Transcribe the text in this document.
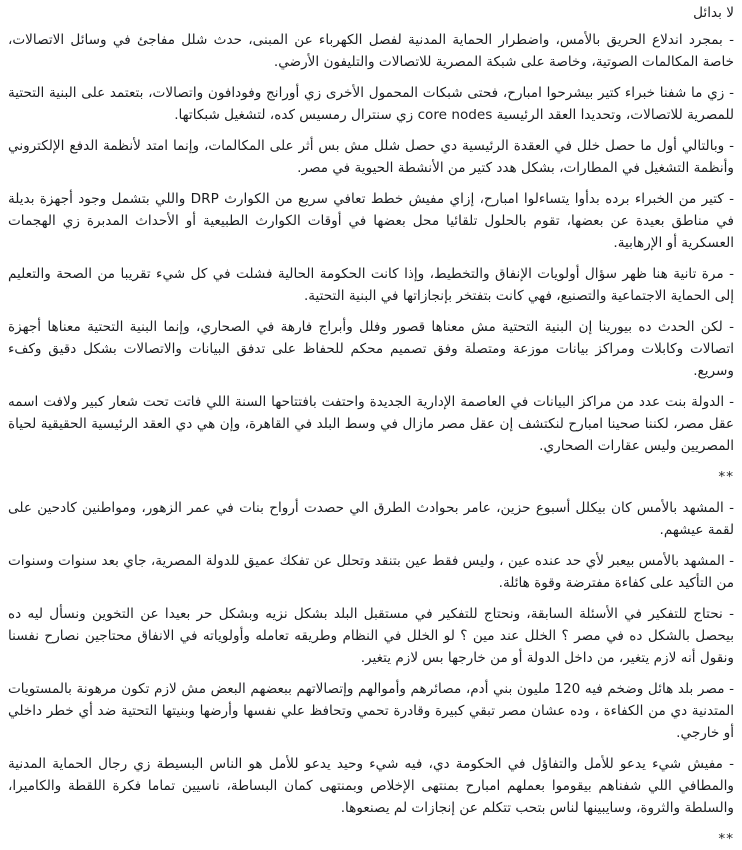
لا بدائل
- بمجرد اندلاع الحريق بالأمس، واضطرار الحماية المدنية لفصل الكهرباء عن المبنى، حدث شلل مفاجئ في وسائل الاتصالات، خاصة المكالمات الصوتية، وخاصة على شبكة المصرية للاتصالات والتليفون الأرضي.
- زي ما شفنا خبراء كتير بيشرحوا امبارح، فحتى شبكات المحمول الأخرى زي أورانج وفودافون واتصالات، بتعتمد على البنية التحتية للمصرية للاتصالات، وتحديدا العقد الرئيسية core nodes زي سنترال رمسيس كده، لتشغيل شبكاتها.
- وبالتالي أول ما حصل خلل في العقدة الرئيسية دي حصل شلل مش بس أثر على المكالمات، وإنما امتد لأنظمة الدفع الإلكتروني وأنظمة التشغيل في المطارات، بشكل هدد كتير من الأنشطة الحيوية في مصر.
- كتير من الخبراء برده بدأوا يتساءلوا امبارح، إزاي مفيش خطط تعافي سريع من الكوارث DRP واللي بتشمل وجود أجهزة بديلة في مناطق بعيدة عن بعضها، تقوم بالحلول تلقائيا محل بعضها في أوقات الكوارث الطبيعية أو الأحداث المدبرة زي الهجمات العسكرية أو الإرهابية.
- مرة تانية هنا ظهر سؤال أولويات الإنفاق والتخطيط، وإذا كانت الحكومة الحالية فشلت في كل شيء تقريبا من الصحة والتعليم إلى الحماية الاجتماعية والتصنيع، فهي كانت بتفتخر بإنجازاتها في البنية التحتية.
- لكن الحدث ده بيورينا إن البنية التحتية مش معناها قصور وفلل وأبراج فارهة في الصحاري، وإنما البنية التحتية معناها أجهزة اتصالات وكابلات ومراكز بيانات موزعة ومتصلة وفق تصميم محكم للحفاظ على تدفق البيانات والاتصالات بشكل دقيق وكفء وسريع.
- الدولة بنت عدد من مراكز البيانات في العاصمة الإدارية الجديدة واحتفت بافتتاحها السنة اللي فاتت تحت شعار كبير ولافت اسمه عقل مصر، لكننا صحينا امبارح لنكتشف إن عقل مصر مازال في وسط البلد في القاهرة، وإن هي دي العقد الرئيسية الحقيقية لحياة المصريين وليس عقارات الصحاري.
**
- المشهد بالأمس كان بيكلل أسبوع حزين، عامر بحوادث الطرق الي حصدت أرواح بنات في عمر الزهور، ومواطنين كادحين على لقمة عيشهم.
- المشهد بالأمس بيعبر لأي حد عنده عين ، وليس فقط عين بتنقد وتحلل عن تفكك عميق للدولة المصرية، جاي بعد سنوات وسنوات من التأكيد على كفاءة مفترضة وقوة هائلة.
- نحتاج للتفكير في الأسئلة السابقة، ونحتاج للتفكير في مستقبل البلد بشكل نزيه وبشكل حر بعيدا عن التخوين ونسأل ليه ده بيحصل بالشكل ده في مصر ؟ الخلل عند مين ؟ لو الخلل في النظام وطريقه تعامله وأولوياته في الانفاق محتاجين نصارح نفسنا ونقول أنه لازم يتغير، من داخل الدولة أو من خارجها بس لازم يتغير.
- مصر بلد هائل وضخم فيه 120 مليون بني أدم، مصائرهم وأموالهم وإتصالاتهم ببعضهم البعض مش لازم تكون مرهونة بالمستويات المتدنية دي من الكفاءة ، وده عشان مصر تبقي كبيرة وقادرة تحمي وتحافظ علي نفسها وأرضها وبنيتها التحتية ضد أي خطر داخلي أو خارجي.
- مفيش شيء يدعو للأمل والتفاؤل في الحكومة دي، فيه شيء وحيد يدعو للأمل هو الناس البسيطة زي رجال الحماية المدنية والمطافي اللي شفناهم بيقوموا بعملهم امبارح بمنتهى الإخلاص وبمنتهى كمان البساطة، ناسيين تماما فكرة اللقطة والكاميرا، والسلطة والثروة، وسايبينها لناس بتحب تتكلم عن إنجازات لم يصنعوها.
**
